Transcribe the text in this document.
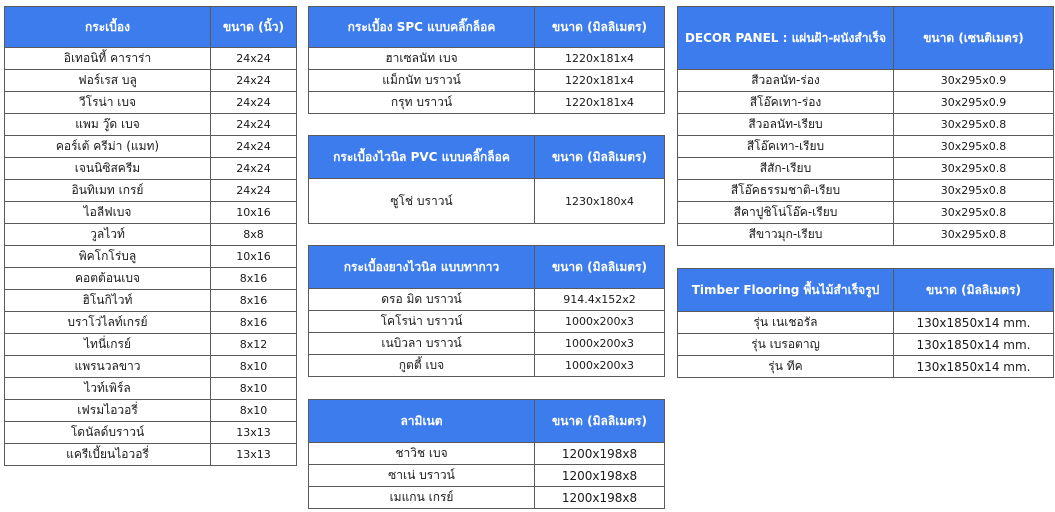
กระเบื้อง	ขนาด (นิ้ว)
อิเทอนิที้ คาราร่า	24x24
ฟอร์เรส บลู	24x24
วีโรน่า เบจ	24x24
แพม วู๊ด เบจ	24x24
คอร์เต้ ครีม่า (แมท)	24x24
เจนนิซิสครีม	24x24
อินทิเมท เกรย์	24x24
ไอลีฟเบจ	10x16
วูลไวท์	8x8
พิคโกโร่บลู	10x16
คอตต้อนเบจ	8x16
ฮิโนกิไวท์	8x16
บราโว่ไลท์เกรย์	8x16
ไทนี่เกรย์	8x12
แพรนวลขาว	8x10
ไวท์เพิร์ล	8x10
เฟรมไอวอรี่	8x10
โดนัลด์บราวน์	13x13
แครีเบี้ยนไอวอรี่	13x13
กระเบื้อง SPC แบบคลิ๊กล็อค	ขนาด (มิลลิเมตร)
ฮาเซลนัท เบจ	1220x181x4
แม็กนัท บราวน์	1220x181x4
กรุท บราวน์	1220x181x4
กระเบื้องไวนิล PVC แบบคลิ๊กล็อค	ขนาด (มิลลิเมตร)
ซูโช่ บราวน์	1230x180x4
กระเบื้องยางไวนิล แบบทากาว	ขนาด (มิลลิเมตร)
ดรอ มิด บราวน์	914.4x152x2
โคโรน่า บราวน์	1000x200x3
เนบิวลา บราวน์	1000x200x3
กูตตี้ เบจ	1000x200x3
ลามิเนต	ขนาด (มิลลิเมตร)
ชาวิช เบจ	1200x198x8
ซาเน่ บราวน์	1200x198x8
เมแกน เกรย์	1200x198x8
DECOR PANEL : แผ่นฝ้า-ผนังสำเร็จ	ขนาด (เซนติเมตร)
สีวอลนัท-ร่อง	30x295x0.9
สีโอ๊คเทา-ร่อง	30x295x0.9
สีวอลนัท-เรียบ	30x295x0.8
สีโอ๊คเทา-เรียบ	30x295x0.8
สีสัก-เรียบ	30x295x0.8
สีโอ๊คธรรมชาติ-เรียบ	30x295x0.8
สีคาปูชิโน่โอ๊ค-เรียบ	30x295x0.8
สีขาวมุก-เรียบ	30x295x0.8
Timber Flooring พื้นไม้สำเร็จรูป	ขนาด (มิลลิเมตร)
รุ่น เนเชอรัล	130x1850x14 mm.
รุ่น เบรอตาญ	130x1850x14 mm.
รุ่น ทีค	130x1850x14 mm.
